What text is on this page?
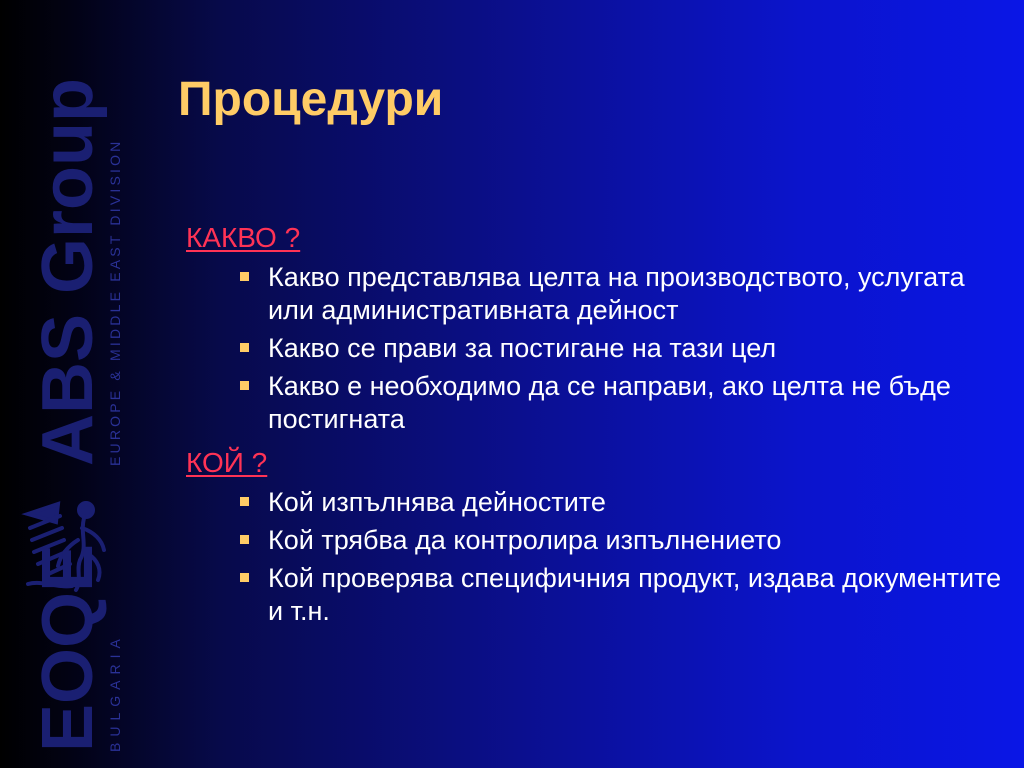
ABS Group EUROPE & MIDDLE EAST DIVISION
EOQE BULGARIA
Процедури

КАКВО ?

Какво представлява целта на производството, услугата или административната дейност
Какво се прави за постигане на тази цел
Какво е необходимо да се направи, ако целта не бъде постигната

КОЙ ?

Кой изпълнява дейностите
Кой трябва да контролира изпълнението
Кой проверява специфичния продукт, издава документите и т.н.
